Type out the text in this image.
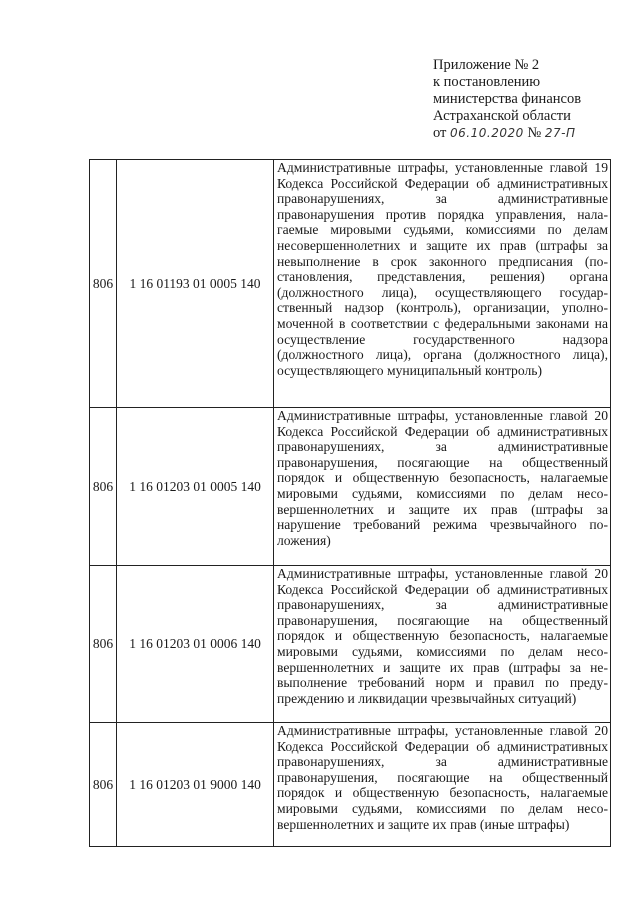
Приложение № 2
к постановлению
министерства финансов
Астраханской области
от 06.10.2020 № 27-П
806	1 16 01193 01 0005 140	Административные штрафы, установленные главой 19 Кодекса Российской Федерации об административных правонарушениях, за административные правонарушения против порядка управления, налагаемые мировыми судьями, комиссиями по делам несовершеннолетних и защите их прав (штрафы за невыполнение в срок законного предписания (постановления, представления, решения) органа (должностного лица), осуществляющего государственный надзор (контроль), организации, уполномоченной в соответствии с федеральными законами на осуществление государственного надзора (должностного лица), органа (должностного лица), осуществляющего муниципальный контроль)
806	1 16 01203 01 0005 140	Административные штрафы, установленные главой 20 Кодекса Российской Федерации об административных правонарушениях, за административные правонарушения, посягающие на общественный порядок и общественную безопасность, налагаемые мировыми судьями, комиссиями по делам несовершеннолетних и защите их прав (штрафы за нарушение требований режима чрезвычайного положения)
806	1 16 01203 01 0006 140	Административные штрафы, установленные главой 20 Кодекса Российской Федерации об административных правонарушениях, за административные правонарушения, посягающие на общественный порядок и общественную безопасность, налагаемые мировыми судьями, комиссиями по делам несовершеннолетних и защите их прав (штрафы за невыполнение требований норм и правил по предупреждению и ликвидации чрезвычайных ситуаций)
806	1 16 01203 01 9000 140	Административные штрафы, установленные главой 20 Кодекса Российской Федерации об административных правонарушениях, за административные правонарушения, посягающие на общественный порядок и общественную безопасность, налагаемые мировыми судьями, комиссиями по делам несовершеннолетних и защите их прав (иные штрафы)
